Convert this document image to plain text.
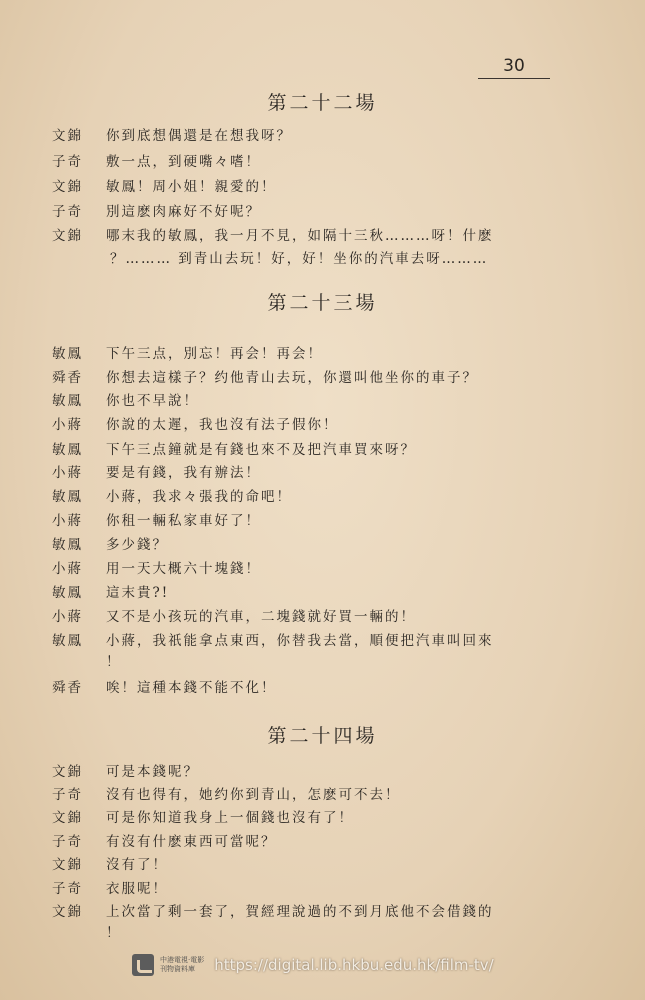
30
第二十二場
文錦 你到底想偶還是在想我呀？
子奇 敷一点，到硬嘴々嗜！
文錦 敏鳳！周小姐！親愛的！
子奇 別這麽肉麻好不好呢？
文錦 哪末我的敏鳳，我一月不見，如隔十三秋………呀！什麽
？……… 到青山去玩！好，好！坐你的汽車去呀………
第二十三場
敏鳳 下午三点，別忘！再会！再会！
舜香 你想去這樣子？约他青山去玩，你還叫他坐你的車子？
敏鳳 你也不早說！
小蔣 你說的太遲，我也沒有法子假你！
敏鳳 下午三点鐘就是有錢也來不及把汽車買來呀？
小蔣 要是有錢，我有辦法！
敏鳳 小蔣，我求々張我的命吧！
小蔣 你租一輛私家車好了！
敏鳳 多少錢？
小蔣 用一天大概六十塊錢！
敏鳳 這末貴?!
小蔣 又不是小孩玩的汽車，二塊錢就好買一輛的！
敏鳳 小蔣，我祇能拿点東西，你替我去當，順便把汽車叫回來
！
舜香 唉！這種本錢不能不化！
第二十四場
文錦 可是本錢呢？
子奇 沒有也得有，她约你到青山，怎麽可不去！
文錦 可是你知道我身上一個錢也沒有了！
子奇 有沒有什麽東西可當呢？
文錦 沒有了！
子奇 衣服呢！
文錦 上次當了剩一套了，賀經理說過的不到月底他不会借錢的
！
中港電視·電影
刊物資料庫	https://digital.lib.hkbu.edu.hk/film-tv/
